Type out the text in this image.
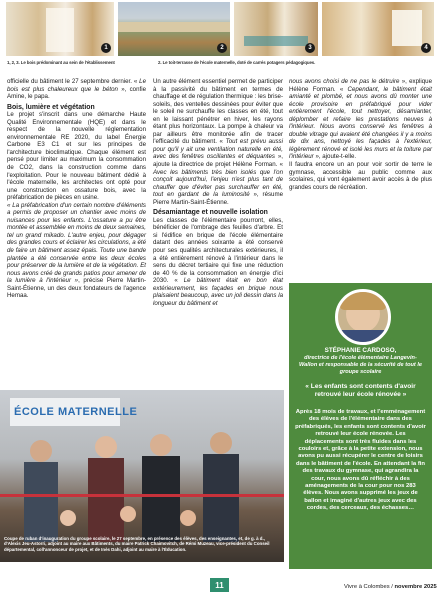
1	2	3	4
1, 2, 3. Le bois prédominant au sein de l'établissement	2. Le toit-terrasse de l'école maternelle, doté de carrés potagers pédagogiques.

officielle du bâtiment le 27 septembre dernier. « Le bois est plus chaleureux que le béton », confie Amine, le papa.

Bois, lumière et végétation

Le projet s'inscrit dans une démarche Haute Qualité Environnementale (HQE) et dans le respect de la nouvelle réglementation environnementale RE 2020, du label Énergie Carbone E3 C1 et sur les principes de l'architecture bioclimatique. Chaque élément est pensé pour limiter au maximum la consommation de CO2, dans la construction comme dans l'exploitation. Pour le nouveau bâtiment dédié à l'école maternelle, les architectes ont opté pour une construction en ossature bois, avec la préfabrication de pièces en usine.

« La préfabrication d'un certain nombre d'éléments a permis de proposer un chantier avec moins de nuisances pour les enfants. L'ossature a pu être montée et assemblée en moins de deux semaines, tel un grand mikado. L'autre enjeu, pour dégager des grandes cours et éclairer les circulations, a été de faire un bâtiment assez épais. Toute une bande plantée a été conservée entre les deux écoles pour préserver de la lumière et de la végétation. Et nous avons créé de grands patios pour amener de la lumière à l'intérieur », précise Pierre Martin-Saint-Étienne, un des deux fondateurs de l'agence Hemaa.

Un autre élément essentiel permet de participer à la passivité du bâtiment en termes de chauffage et de régulation thermique : les brise-soleils, des ventelles dessinées pour éviter que le soleil ne surchauffe les classes en été, tout en le laissant pénétrer en hiver, les rayons étant plus horizontaux. La pompe à chaleur va par ailleurs être monitorée afin de tracer l'efficacité du bâtiment. « Tout est prévu aussi pour qu'il y ait une ventilation naturelle en été, avec des fenêtres oscillantes et déquantes », ajoute la directrice de projet Hélène Forman. « Avec les bâtiments très bien isolés que l'on conçoit aujourd'hui, l'enjeu n'est plus tant de chauffer que d'éviter pas surchauffer en été, tout en gardant de la luminosité », résume Pierre Martin-Saint-Étienne.

Désamiantage et nouvelle isolation

Les classes de l'élémentaire pourront, elles, bénéficier de l'ombrage des feuilles d'arbre. Et si l'édifice en brique de l'école élémentaire datant des années soixante a été conservé pour ses qualités architecturales extérieures, il a été entièrement rénové à l'intérieur dans le sens du décret tertiaire qui fixe une réduction de 40 % de la consommation en énergie d'ici 2030. « Le bâtiment était en bon état extérieurement, les façades en brique nous plaisaient beaucoup, avec un joli dessin dans la longueur du bâtiment et

nous avons choisi de ne pas le détruire », explique Hélène Forman. « Cependant, le bâtiment était amianté et plombé, et nous avons dû monter une école provisoire en préfabriqué pour vider entièrement l'école, tout nettoyer, désamianter, déplomber et refaire les prestations neuves à l'intérieur. Nous avons conservé les fenêtres à double vitrage qui avaient été changées il y a moins de dix ans, nettoyé les façades à l'extérieur, légèrement rénové et isolé les murs et la toiture par l'intérieur », ajoute-t-elle.

Il faudra encore un an pour voir sortir de terre le gymnase, accessible au public comme aux scolaires, qui vont également avoir accès à de plus grandes cours de récréation.

ÉCOLE MATERNELLE
Coupe de ruban d'inauguration du groupe scolaire, le 27 septembre, en présence des élèves, des enseignantes, et, de g. à d., d'Alexis Jeu-Astorri, adjoint au maire aux Bâtiments, du maire Patrick Chaimovitch, de Rémi Muzeau, vice-président du Conseil départemental, coll'annonceur de projet, et de Inès Dahi, adjoint au maire à l'Éducation.
STÉPHANIE CARDOSO,
directrice de l'école élémentaire Langevin-Wallon et responsable de la sécurité de tout le groupe scolaire
« Les enfants sont contents d'avoir retrouvé leur école rénovée »
Après 18 mois de travaux, et l'emménagement des élèves de l'élémentaire dans des préfabriqués, les enfants sont contents d'avoir retrouvé leur école rénovée. Les déplacements sont très fluides dans les couloirs et, grâce à la petite extension, nous avons pu aussi récupérer le centre de loisirs dans le bâtiment de l'école. En attendant la fin des travaux du gymnase, qui agrandira la cour, nous avons dû réfléchir à des aménagements de la cour pour nos 283 élèves. Nous avons supprimé les jeux de ballon et imaginé d'autres jeux avec des cordes, des cerceaux, des échasses…
11	Vivre à Colombes / novembre 2025
